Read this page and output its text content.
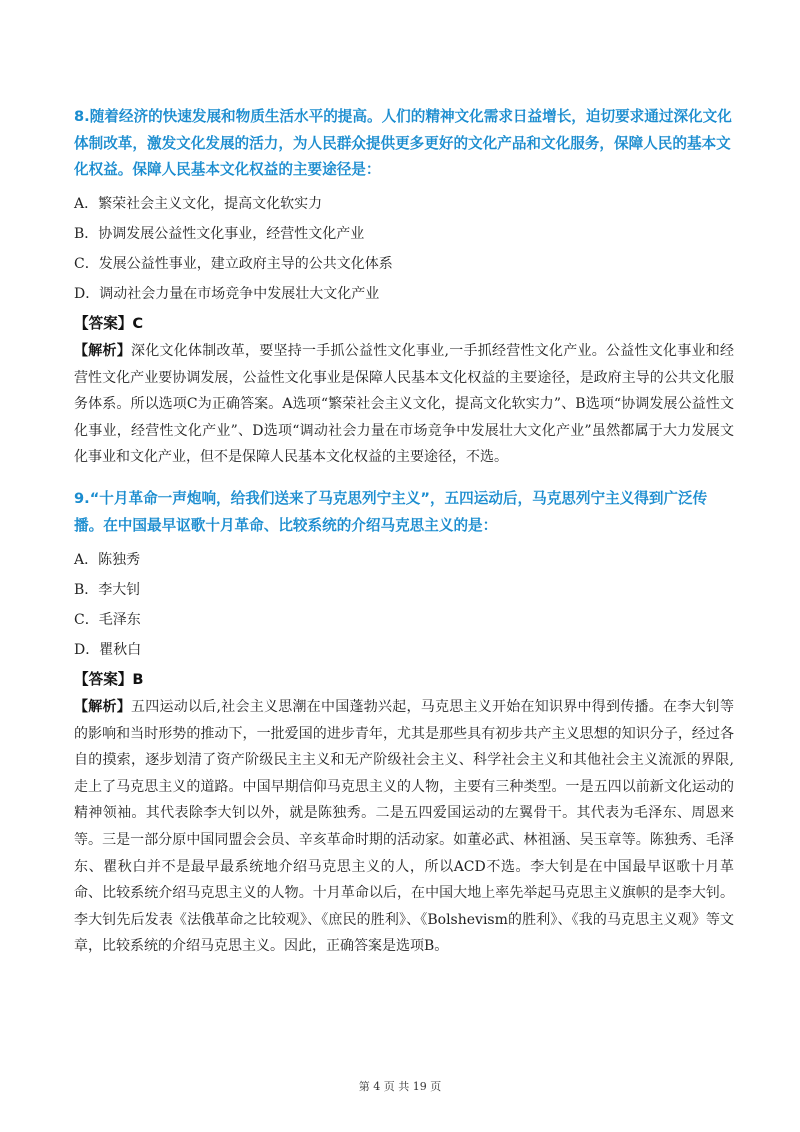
8.随着经济的快速发展和物质生活水平的提高。人们的精神文化需求日益增长，迫切要求通过深化文化体制改革，激发文化发展的活力，为人民群众提供更多更好的文化产品和文化服务，保障人民的基本文化权益。保障人民基本文化权益的主要途径是：
A．繁荣社会主义文化，提高文化软实力
B．协调发展公益性文化事业，经营性文化产业
C．发展公益性事业，建立政府主导的公共文化体系
D．调动社会力量在市场竞争中发展壮大文化产业
【答案】C
【解析】深化文化体制改革，要坚持一手抓公益性文化事业,一手抓经营性文化产业。公益性文化事业和经营性文化产业要协调发展，公益性文化事业是保障人民基本文化权益的主要途径，是政府主导的公共文化服务体系。所以选项C为正确答案。A选项“繁荣社会主义文化，提高文化软实力”、B选项“协调发展公益性文化事业，经营性文化产业”、D选项“调动社会力量在市场竞争中发展壮大文化产业”虽然都属于大力发展文化事业和文化产业，但不是保障人民基本文化权益的主要途径，不选。
9.“十月革命一声炮响，给我们送来了马克思列宁主义”，五四运动后，马克思列宁主义得到广泛传播。在中国最早讴歌十月革命、比较系统的介绍马克思主义的是：
A．陈独秀
B．李大钊
C．毛泽东
D．瞿秋白
【答案】B
【解析】五四运动以后,社会主义思潮在中国蓬勃兴起，马克思主义开始在知识界中得到传播。在李大钊等的影响和当时形势的推动下，一批爱国的进步青年，尤其是那些具有初步共产主义思想的知识分子，经过各自的摸索，逐步划清了资产阶级民主主义和无产阶级社会主义、科学社会主义和其他社会主义流派的界限,走上了马克思主义的道路。中国早期信仰马克思主义的人物，主要有三种类型。一是五四以前新文化运动的精神领袖。其代表除李大钊以外，就是陈独秀。二是五四爱国运动的左翼骨干。其代表为毛泽东、周恩来等。三是一部分原中国同盟会会员、辛亥革命时期的活动家。如董必武、林祖涵、吴玉章等。陈独秀、毛泽东、瞿秋白并不是最早最系统地介绍马克思主义的人，所以ACD不选。李大钊是在中国最早讴歌十月革命、比较系统介绍马克思主义的人物。十月革命以后，在中国大地上率先举起马克思主义旗帜的是李大钊。李大钊先后发表《法俄革命之比较观》、《庶民的胜利》、《Bolshevism的胜利》、《我的马克思主义观》等文章，比较系统的介绍马克思主义。因此，正确答案是选项B。
第 4 页 共 19 页
